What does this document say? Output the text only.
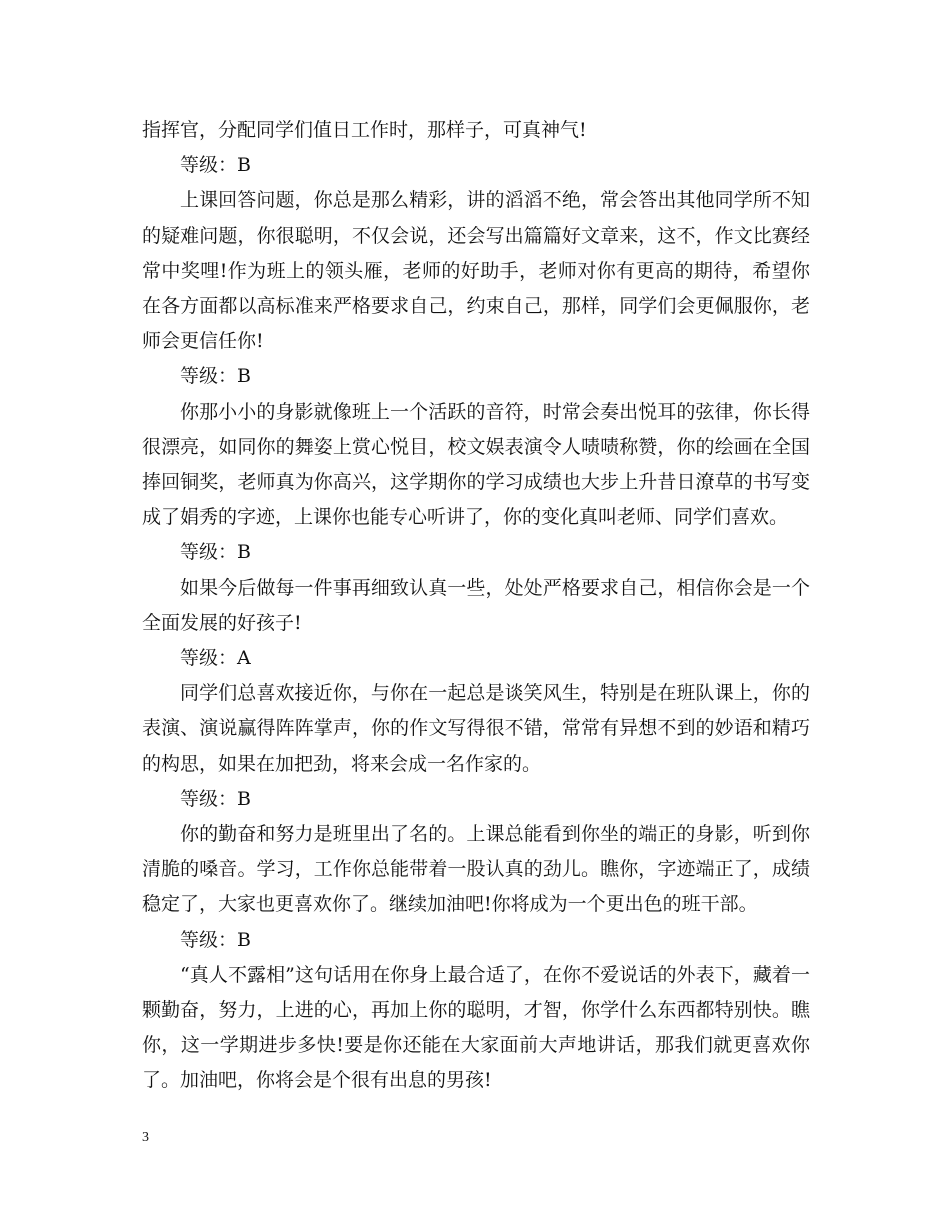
指挥官，分配同学们值日工作时，那样子，可真神气!

等级：B

上课回答问题，你总是那么精彩，讲的滔滔不绝，常会答出其他同学所不知的疑难问题，你很聪明，不仅会说，还会写出篇篇好文章来，这不，作文比赛经常中奖哩!作为班上的领头雁，老师的好助手，老师对你有更高的期待，希望你在各方面都以高标准来严格要求自己，约束自己，那样，同学们会更佩服你，老师会更信任你!

等级：B

你那小小的身影就像班上一个活跃的音符，时常会奏出悦耳的弦律，你长得很漂亮，如同你的舞姿上赏心悦目，校文娱表演令人啧啧称赞，你的绘画在全国捧回铜奖，老师真为你高兴，这学期你的学习成绩也大步上升昔日潦草的书写变成了娟秀的字迹，上课你也能专心听讲了，你的变化真叫老师、同学们喜欢。

等级：B

如果今后做每一件事再细致认真一些，处处严格要求自己，相信你会是一个全面发展的好孩子!

等级：A

同学们总喜欢接近你，与你在一起总是谈笑风生，特别是在班队课上，你的表演、演说赢得阵阵掌声，你的作文写得很不错，常常有异想不到的妙语和精巧的构思，如果在加把劲，将来会成一名作家的。

等级：B

你的勤奋和努力是班里出了名的。上课总能看到你坐的端正的身影，听到你清脆的嗓音。学习，工作你总能带着一股认真的劲儿。瞧你，字迹端正了，成绩稳定了，大家也更喜欢你了。继续加油吧!你将成为一个更出色的班干部。

等级：B

“真人不露相”这句话用在你身上最合适了，在你不爱说话的外表下，藏着一颗勤奋，努力，上进的心，再加上你的聪明，才智，你学什么东西都特别快。瞧你，这一学期进步多快!要是你还能在大家面前大声地讲话，那我们就更喜欢你了。加油吧，你将会是个很有出息的男孩!

3
